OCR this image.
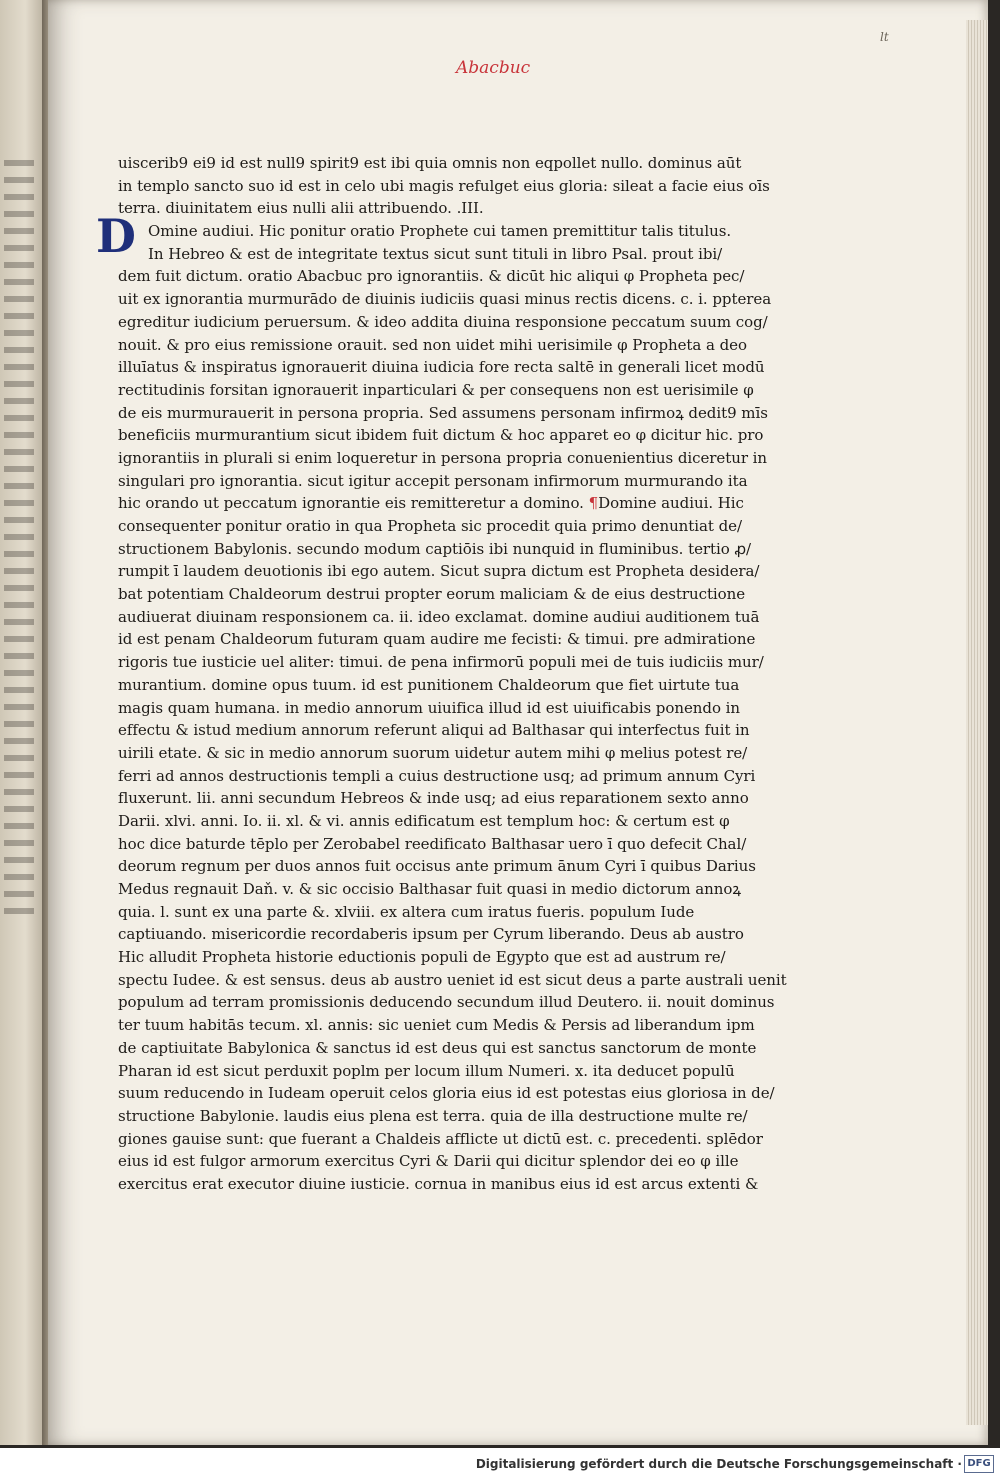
lt
Abacbuc
D
uiscerib9 ei9 id est null9 spirit9 est ibi quia omnis non eqpollet nullo. dominus aūt
in templo sancto suo id est in celo ubi magis refulget eius gloria: sileat a facie eius oīs
terra. diuinitatem eius nulli alii attribuendo. .III.
Omine audiui. Hic ponitur oratio Prophete cui tamen premittitur talis titulus.
In Hebreo & est de integritate textus sicut sunt tituli in libro Psal. prout ibi/
dem fuit dictum. oratio Abacbuc pro ignorantiis. & dicūt hic aliqui φ Propheta pec/
uit ex ignorantia murmurādo de diuinis iudiciis quasi minus rectis dicens. c. i. ppterea
egreditur iudicium peruersum. & ideo addita diuina responsione peccatum suum cog/
nouit. & pro eius remissione orauit. sed non uidet mihi uerisimile φ Propheta a deo
illuīatus & inspiratus ignorauerit diuina iudicia fore recta saltē in generali licet modū
rectitudinis forsitan ignorauerit inparticulari & per consequens non est uerisimile φ
de eis murmurauerit in persona propria. Sed assumens personam infirmoꝝ dedit9 mīs
beneficiis murmurantium sicut ibidem fuit dictum & hoc apparet eo φ dicitur hic. pro
ignorantiis in plurali si enim loqueretur in persona propria conuenientius diceretur in
singulari pro ignorantia. sicut igitur accepit personam infirmorum murmurando ita
hic orando ut peccatum ignorantie eis remitteretur a domino. ¶Domine audiui. Hic
consequenter ponitur oratio in qua Propheta sic procedit quia primo denuntiat de/
structionem Babylonis. secundo modum captiōis ibi nunquid in fluminibus. tertio ꝓ/
rumpit ī laudem deuotionis ibi ego autem. Sicut supra dictum est Propheta desidera/
bat potentiam Chaldeorum destrui propter eorum maliciam & de eius destructione
audiuerat diuinam responsionem ca. ii. ideo exclamat. domine audiui auditionem tuā
id est penam Chaldeorum futuram quam audire me fecisti: & timui. pre admiratione
rigoris tue iusticie uel aliter: timui. de pena infirmorū populi mei de tuis iudiciis mur/
murantium. domine opus tuum. id est punitionem Chaldeorum que fiet uirtute tua
magis quam humana. in medio annorum uiuifica illud id est uiuificabis ponendo in
effectu & istud medium annorum referunt aliqui ad Balthasar qui interfectus fuit in
uirili etate. & sic in medio annorum suorum uidetur autem mihi φ melius potest re/
ferri ad annos destructionis templi a cuius destructione usq; ad primum annum Cyri
fluxerunt. lii. anni secundum Hebreos & inde usq; ad eius reparationem sexto anno
Darii. xlvi. anni. Io. ii. xl. & vi. annis edificatum est templum hoc: & certum est φ
hoc dice baturde tēplo per Zerobabel reedificato Balthasar uero ī quo defecit Chal/
deorum regnum per duos annos fuit occisus ante primum ānum Cyri ī quibus Darius
Medus regnauit Daň. v. & sic occisio Balthasar fuit quasi in medio dictorum annoꝝ
quia. l. sunt ex una parte &. xlviii. ex altera cum iratus fueris. populum Iude
captiuando. misericordie recordaberis ipsum per Cyrum liberando. Deus ab austro
Hic alludit Propheta historie eductionis populi de Egypto que est ad austrum re/
spectu Iudee. & est sensus. deus ab austro ueniet id est sicut deus a parte australi uenit
populum ad terram promissionis deducendo secundum illud Deutero. ii. nouit dominus
ter tuum habitās tecum. xl. annis: sic ueniet cum Medis & Persis ad liberandum ipm
de captiuitate Babylonica & sanctus id est deus qui est sanctus sanctorum de monte
Pharan id est sicut perduxit poplm per locum illum Numeri. x. ita deducet populū
suum reducendo in Iudeam operuit celos gloria eius id est potestas eius gloriosa in de/
structione Babylonie. laudis eius plena est terra. quia de illa destructione multe re/
giones gauise sunt: que fuerant a Chaldeis afflicte ut dictū est. c. precedenti. splēdor
eius id est fulgor armorum exercitus Cyri & Darii qui dicitur splendor dei eo φ ille
exercitus erat executor diuine iusticie. cornua in manibus eius id est arcus extenti &
Digitalisierung gefördert durch die Deutsche Forschungsgemeinschaft · DFG
